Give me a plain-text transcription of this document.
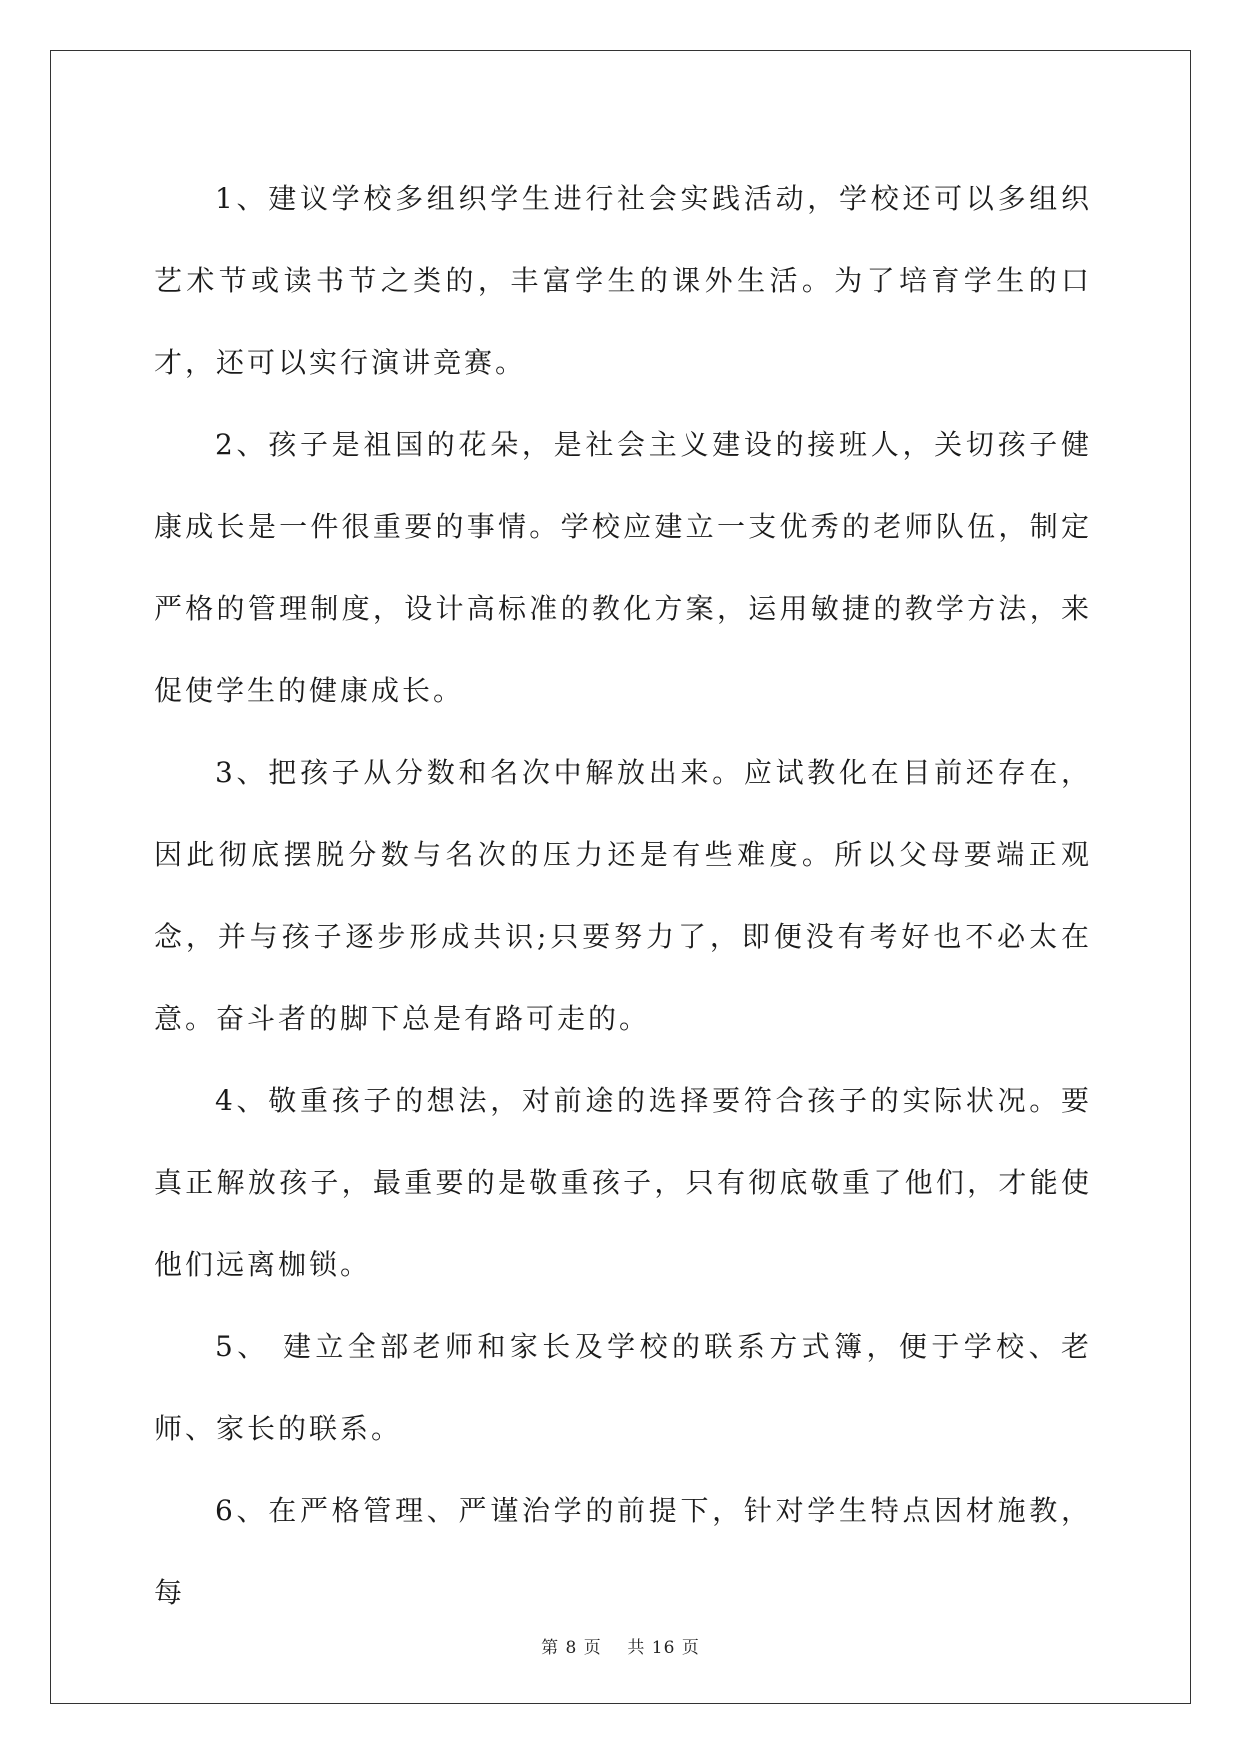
1、建议学校多组织学生进行社会实践活动，学校还可以多组织艺术节或读书节之类的，丰富学生的课外生活。为了培育学生的口才，还可以实行演讲竞赛。

2、孩子是祖国的花朵，是社会主义建设的接班人，关切孩子健康成长是一件很重要的事情。学校应建立一支优秀的老师队伍，制定严格的管理制度，设计高标准的教化方案，运用敏捷的教学方法，来促使学生的健康成长。

3、把孩子从分数和名次中解放出来。应试教化在目前还存在，因此彻底摆脱分数与名次的压力还是有些难度。所以父母要端正观念，并与孩子逐步形成共识;只要努力了，即便没有考好也不必太在意。奋斗者的脚下总是有路可走的。

4、敬重孩子的想法，对前途的选择要符合孩子的实际状况。要真正解放孩子，最重要的是敬重孩子，只有彻底敬重了他们，才能使他们远离枷锁。

5、 建立全部老师和家长及学校的联系方式簿，便于学校、老师、家长的联系。

6、在严格管理、严谨治学的前提下，针对学生特点因材施教，每

第 8 页 共 16 页
